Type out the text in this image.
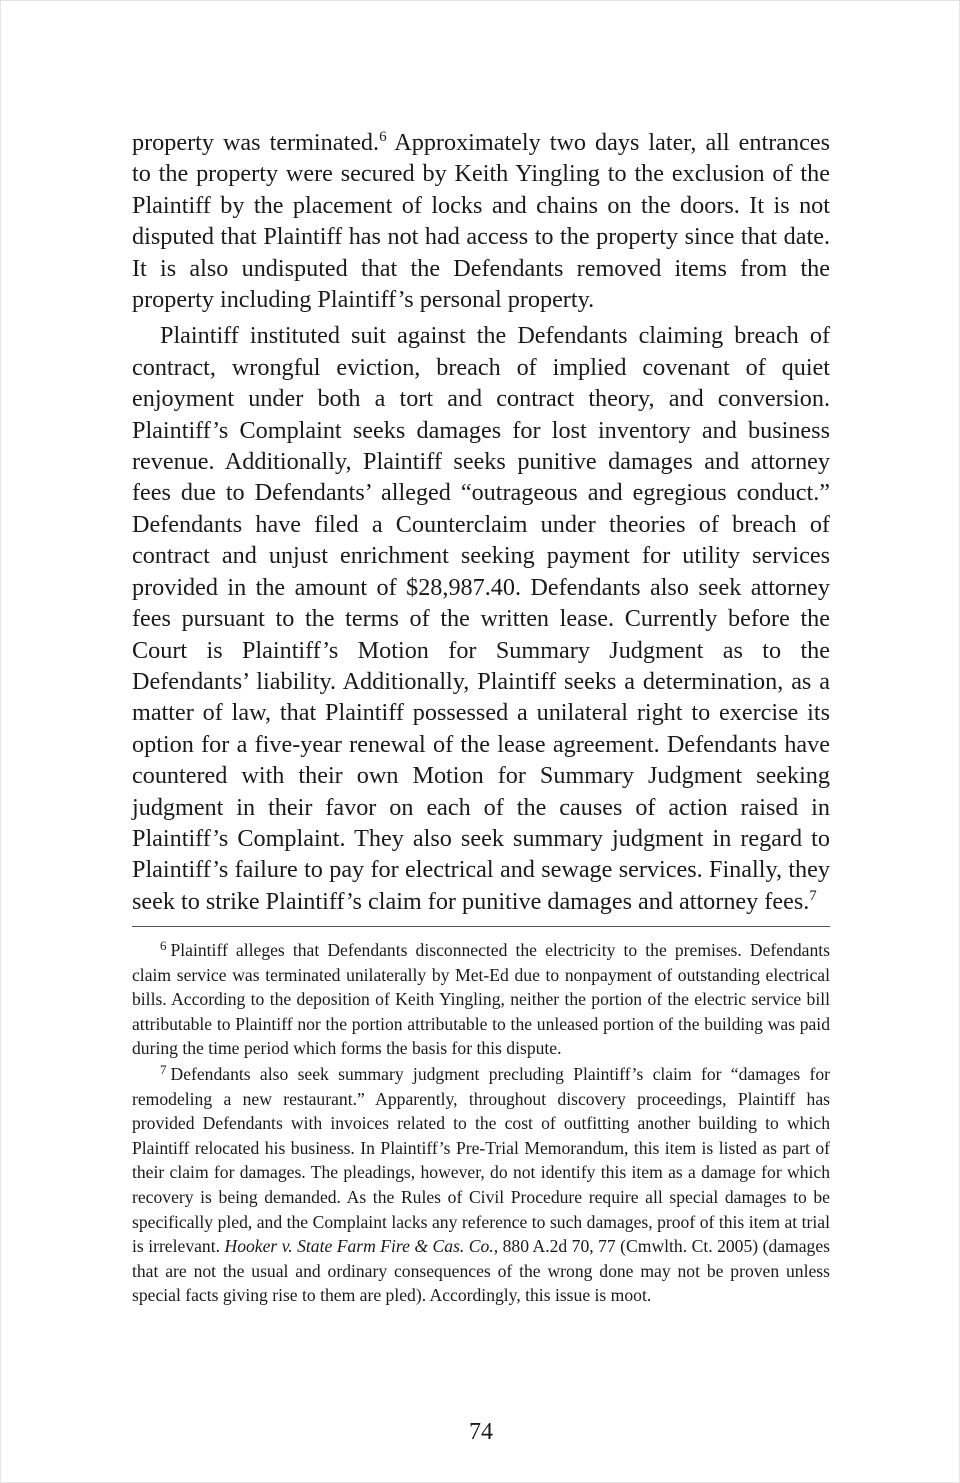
property was terminated.$^6$ Approximately two days later, all entrances to the property were secured by Keith Yingling to the exclusion of the Plaintiff by the placement of locks and chains on the doors. It is not disputed that Plaintiff has not had access to the property since that date. It is also undisputed that the Defendants removed items from the property including Plaintiff’s personal property.

Plaintiff instituted suit against the Defendants claiming breach of contract, wrongful eviction, breach of implied covenant of quiet enjoyment under both a tort and contract theory, and conversion. Plaintiff’s Complaint seeks damages for lost inventory and business revenue. Additionally, Plaintiff seeks punitive damages and attorney fees due to Defendants’ alleged “outrageous and egregious conduct.” Defendants have filed a Counterclaim under theories of breach of contract and unjust enrichment seeking payment for utility services provided in the amount of $28,987.40. Defendants also seek attorney fees pursuant to the terms of the written lease. Currently before the Court is Plaintiff’s Motion for Summary Judgment as to the Defendants’ liability. Additionally, Plaintiff seeks a determination, as a matter of law, that Plaintiff possessed a unilateral right to exercise its option for a five-year renewal of the lease agreement. Defendants have countered with their own Motion for Summary Judgment seeking judgment in their favor on each of the causes of action raised in Plaintiff’s Complaint. They also seek summary judgment in regard to Plaintiff’s failure to pay for electrical and sewage services. Finally, they seek to strike Plaintiff’s claim for punitive damages and attorney fees.$^7$

$^6$ Plaintiff alleges that Defendants disconnected the electricity to the premises. Defendants claim service was terminated unilaterally by Met-Ed due to nonpayment of outstanding electrical bills. According to the deposition of Keith Yingling, neither the portion of the electric service bill attributable to Plaintiff nor the portion attributable to the unleased portion of the building was paid during the time period which forms the basis for this dispute.

$^7$ Defendants also seek summary judgment precluding Plaintiff’s claim for “damages for remodeling a new restaurant.” Apparently, throughout discovery proceedings, Plaintiff has provided Defendants with invoices related to the cost of outfitting another building to which Plaintiff relocated his business. In Plaintiff’s Pre-Trial Memorandum, this item is listed as part of their claim for damages. The pleadings, however, do not identify this item as a damage for which recovery is being demanded. As the Rules of Civil Procedure require all special damages to be specifically pled, and the Complaint lacks any reference to such damages, proof of this item at trial is irrelevant. Hooker v. State Farm Fire & Cas. Co., 880 A.2d 70, 77 (Cmwlth. Ct. 2005) (damages that are not the usual and ordinary consequences of the wrong done may not be proven unless special facts giving rise to them are pled). Accordingly, this issue is moot.

74
